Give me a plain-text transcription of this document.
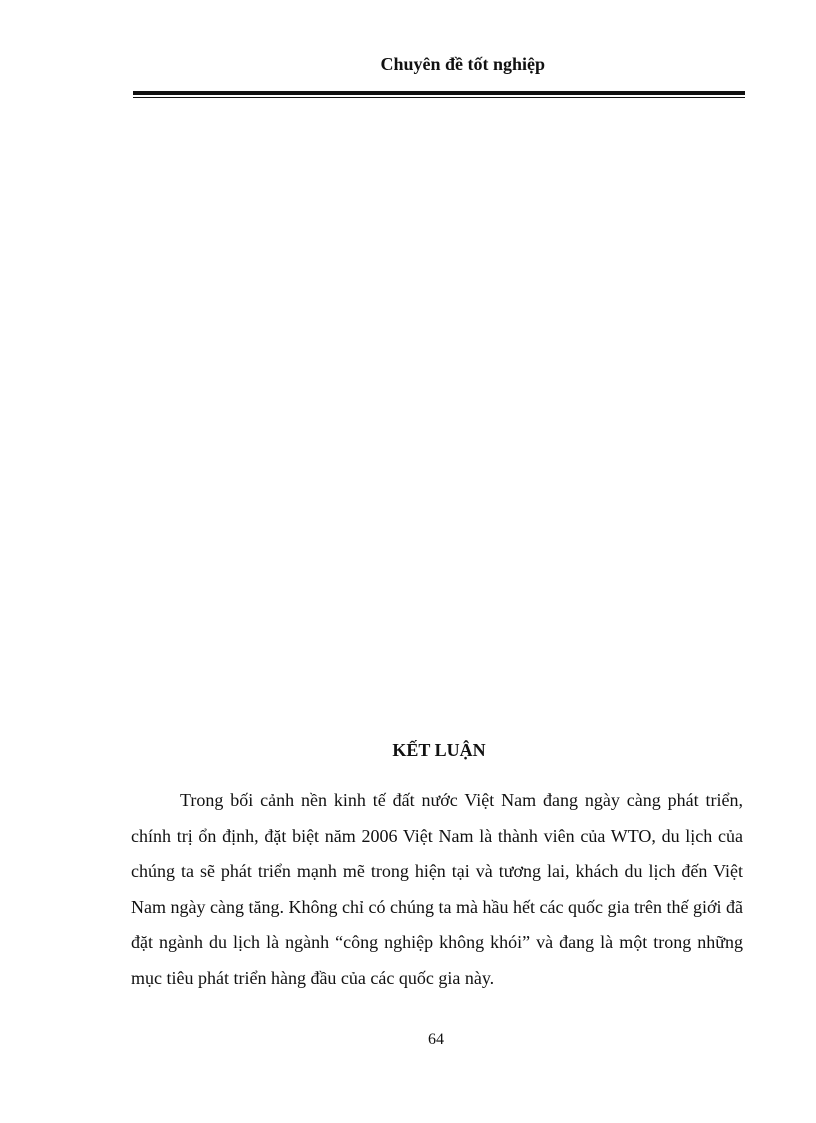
Chuyên đề tốt nghiệp
KẾT LUẬN

Trong bối cảnh nền kinh tế đất nước Việt Nam đang ngày càng phát triển, chính trị ổn định, đặt biệt năm 2006 Việt Nam là thành viên của WTO, du lịch của chúng ta sẽ phát triển mạnh mẽ trong hiện tại và tương lai, khách du lịch đến Việt Nam ngày càng tăng. Không chỉ có chúng ta mà hầu hết các quốc gia trên thế giới đã đặt ngành du lịch là ngành “công nghiệp không khói” và đang là một trong những mục tiêu phát triển hàng đầu của các quốc gia này.

64
